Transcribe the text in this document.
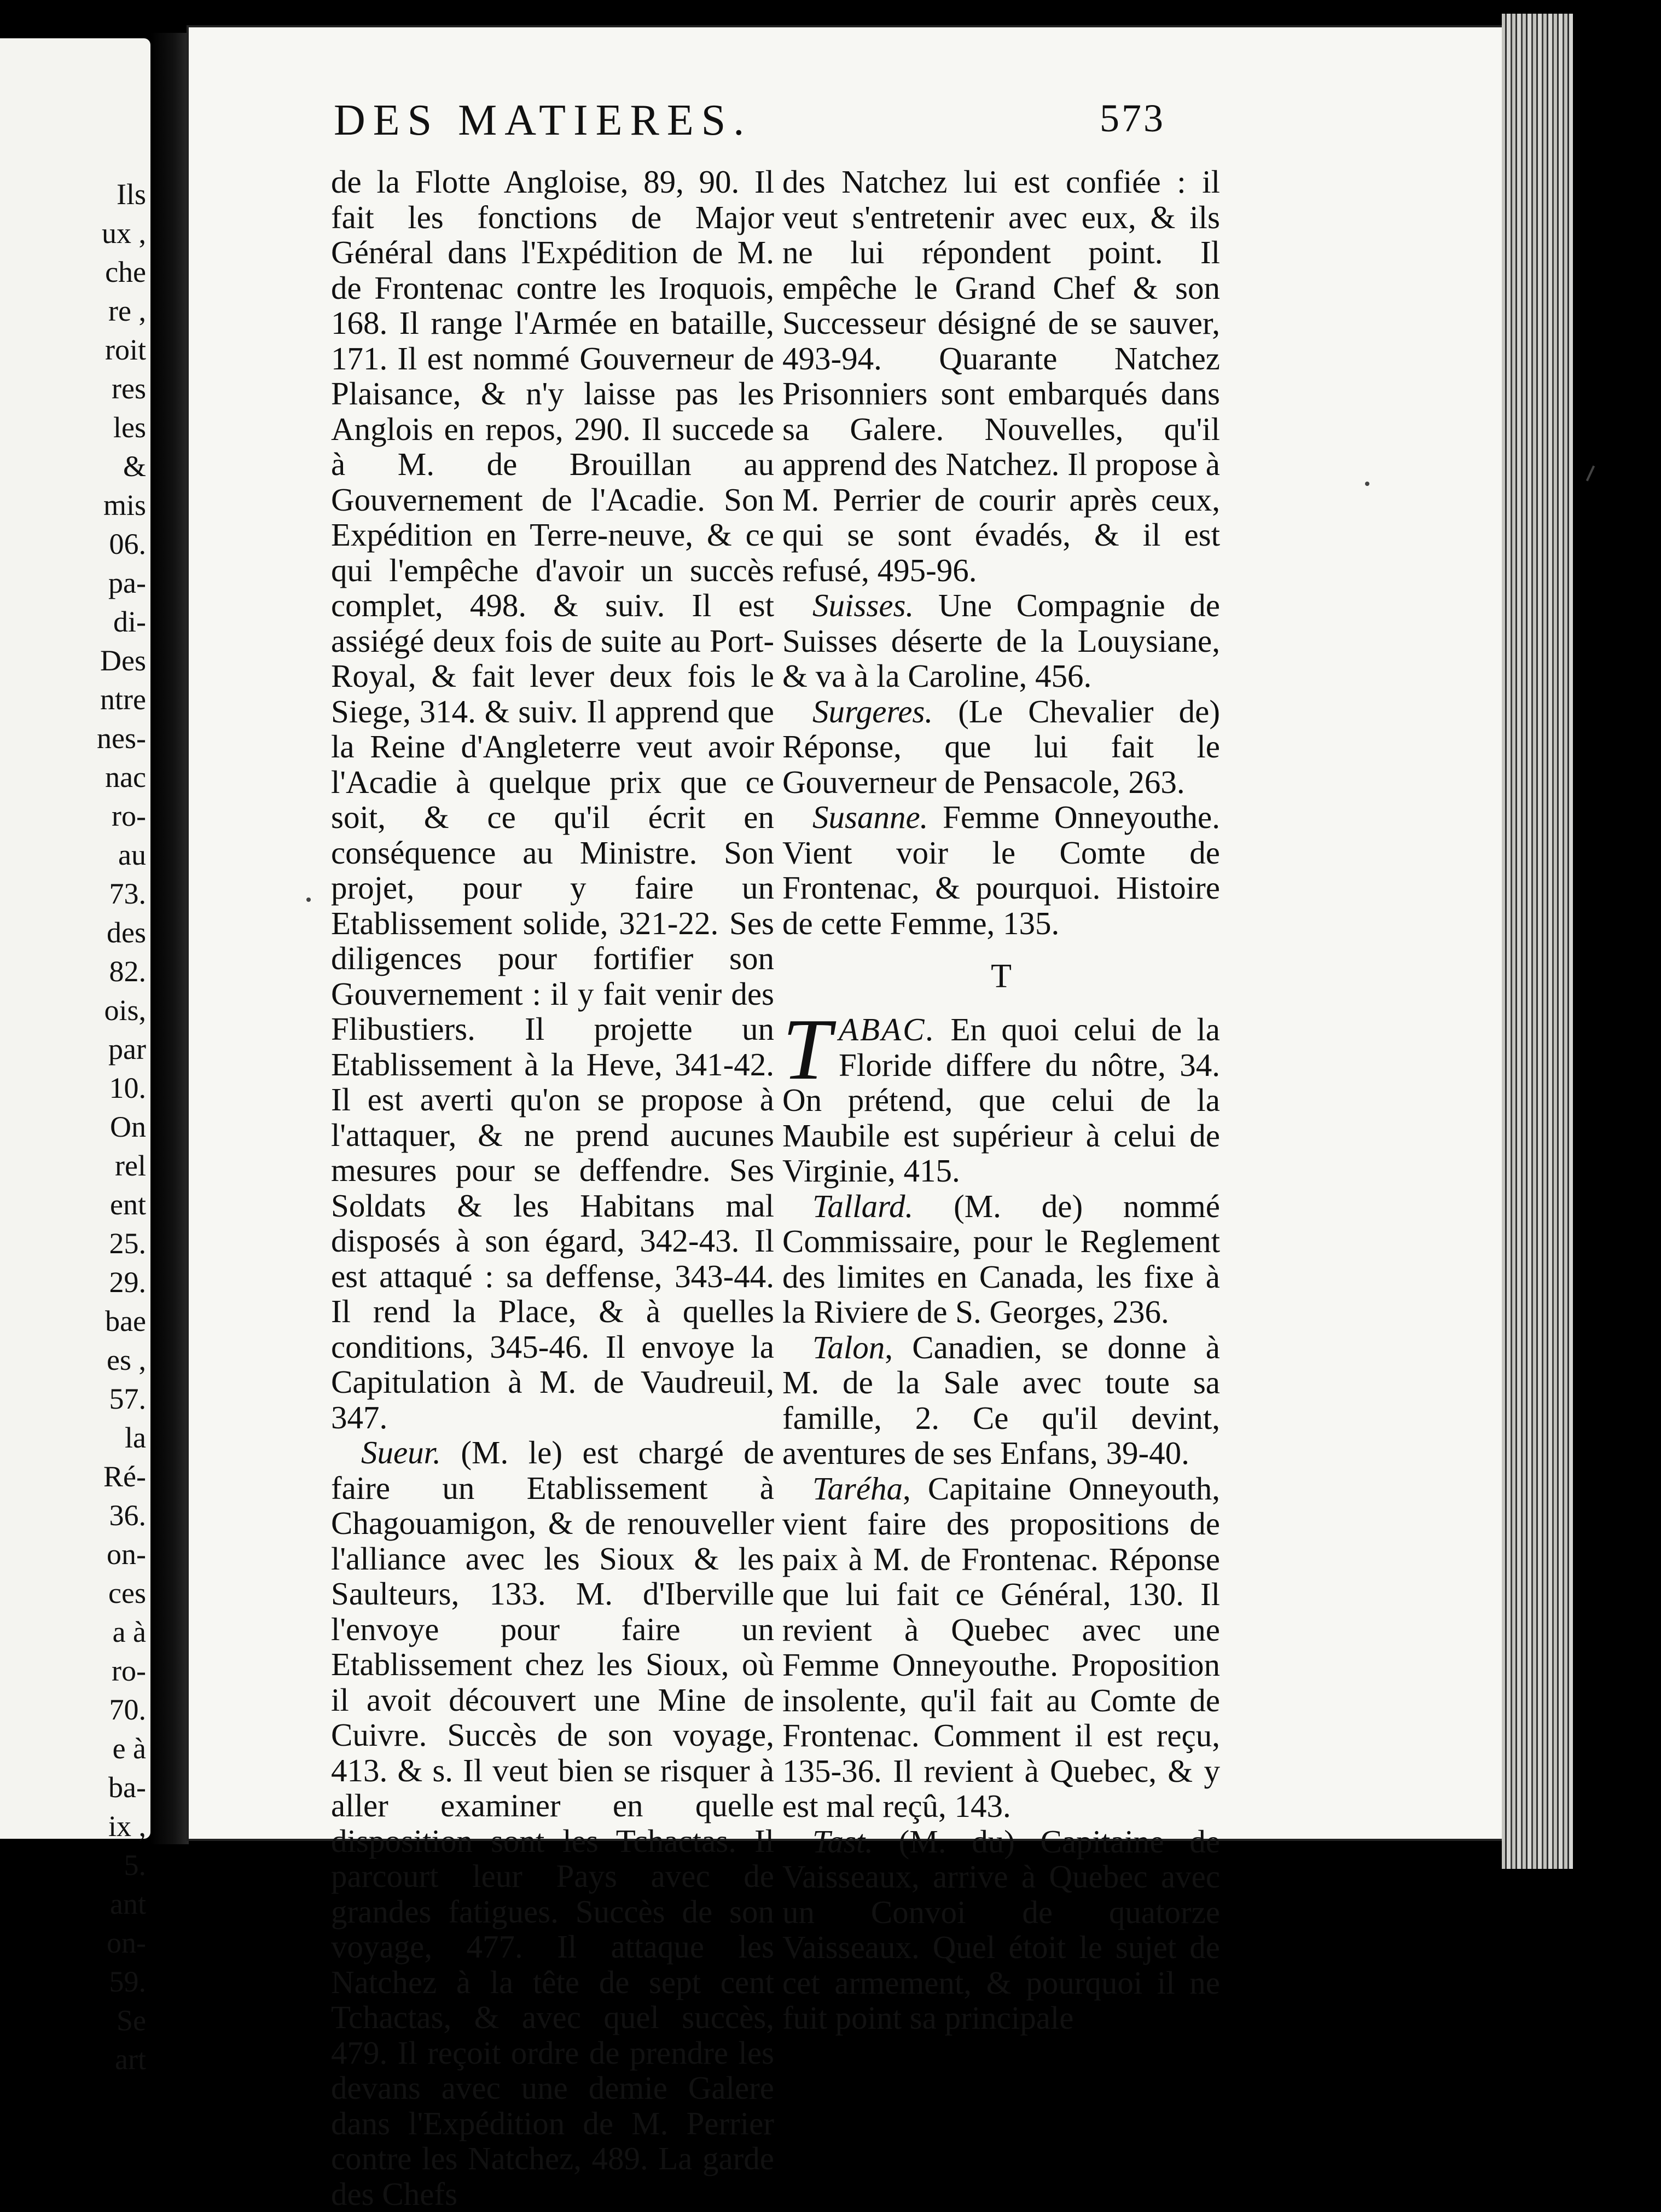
Ils
ux ,
che
re ,
roit
res
les
&
mis
06.
pa-
di-
Des
ntre
nes-
nac
ro-
au
73.
des
82.
ois,
par
10.
On
rel
ent
25.
29.
bae
es ,
57.
la
Ré-
36.
on-
ces
a à
ro-
70.
e à
ba-
ix ,
5.
ant
on-
59.
Se
art
DES MATIERES.	573

de la Flotte Angloise, 89, 90. Il fait les fonctions de Major Général dans l'Expédition de M. de Frontenac contre les Iroquois, 168. Il range l'Armée en bataille, 171. Il est nommé Gouverneur de Plaisance, & n'y laisse pas les Anglois en repos, 290. Il succede à M. de Brouillan au Gouvernement de l'Acadie. Son Expédition en Terre-neuve, & ce qui l'empêche d'avoir un succès complet, 498. & suiv. Il est assiégé deux fois de suite au Port-Royal, & fait lever deux fois le Siege, 314. & suiv. Il apprend que la Reine d'Angleterre veut avoir l'Acadie à quelque prix que ce soit, & ce qu'il écrit en conséquence au Ministre. Son projet, pour y faire un Etablissement solide, 321-22. Ses diligences pour fortifier son Gouvernement : il y fait venir des Flibustiers. Il projette un Etablissement à la Heve, 341-42. Il est averti qu'on se propose à l'attaquer, & ne prend aucunes mesures pour se deffendre. Ses Soldats & les Habitans mal disposés à son égard, 342-43. Il est attaqué : sa deffense, 343-44. Il rend la Place, & à quelles conditions, 345-46. Il envoye la Capitulation à M. de Vaudreuil, 347.

Sueur. (M. le) est chargé de faire un Etablissement à Chagouamigon, & de renouveller l'alliance avec les Sioux & les Saulteurs, 133. M. d'Iberville l'envoye pour faire un Etablissement chez les Sioux, où il avoit découvert une Mine de Cuivre. Succès de son voyage, 413. & s. Il veut bien se risquer à aller examiner en quelle disposition sont les Tchactas. Il parcourt leur Pays avec de grandes fatigues. Succès de son voyage, 477. Il attaque les Natchez à la tête de sept cent Tchactas, & avec quel succès, 479. Il reçoit ordre de prendre les devans avec une demie Galere dans l'Expédition de M. Perrier contre les Natchez, 489. La garde des Chefs

des Natchez lui est confiée : il veut s'entretenir avec eux, & ils ne lui répondent point. Il empêche le Grand Chef & son Successeur désigné de se sauver, 493-94. Quarante Natchez Prisonniers sont embarqués dans sa Galere. Nouvelles, qu'il apprend des Natchez. Il propose à M. Perrier de courir après ceux, qui se sont évadés, & il est refusé, 495-96.

Suisses. Une Compagnie de Suisses déserte de la Louysiane, & va à la Caroline, 456.

Surgeres. (Le Chevalier de) Réponse, que lui fait le Gouverneur de Pensacole, 263.

Susanne. Femme Onneyouthe. Vient voir le Comte de Frontenac, & pourquoi. Histoire de cette Femme, 135.

T

TABAC. En quoi celui de la Floride differe du nôtre, 34. On prétend, que celui de la Maubile est supérieur à celui de Virginie, 415.

Tallard. (M. de) nommé Commissaire, pour le Reglement des limites en Canada, les fixe à la Riviere de S. Georges, 236.

Talon, Canadien, se donne à M. de la Sale avec toute sa famille, 2. Ce qu'il devint, aventures de ses Enfans, 39-40.

Taréha, Capitaine Onneyouth, vient faire des propositions de paix à M. de Frontenac. Réponse que lui fait ce Général, 130. Il revient à Quebec avec une Femme Onneyouthe. Proposition insolente, qu'il fait au Comte de Frontenac. Comment il est reçu, 135-36. Il revient à Quebec, & y est mal reçû, 143.

Tast. (M. du) Capitaine de Vaisseaux, arrive à Quebec avec un Convoi de quatorze Vaisseaux. Quel étoit le sujet de cet armement, & pourquoi il ne fuit point sa principale
